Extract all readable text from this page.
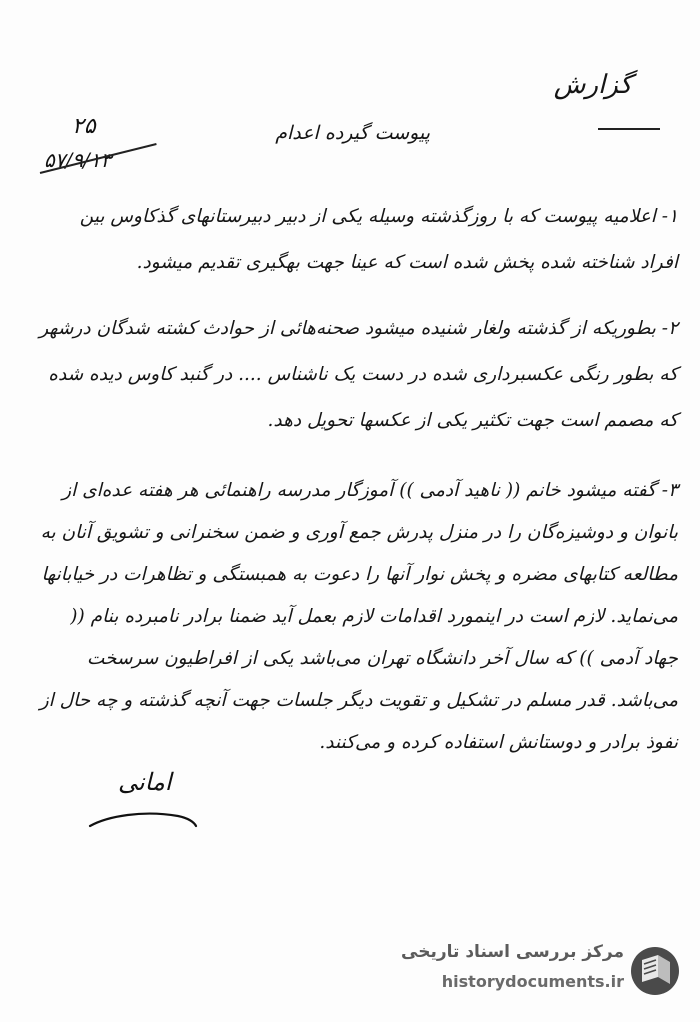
گزارش
پیوست گیرده اعدام
۲۵
۵۷/۹/۱۳
۱- اعلامیه پیوست که با روزگذشته وسیله یکی از دبیر دبیرستانهای گذکاوس بین افراد شناخته شده پخش شده است که عینا جهت بهگیری تقدیم میشود.
۲- بطوریکه از گذشته ولغار شنیده میشود صحنه‌هائی از حوادث کشته شدگان درشهر که بطور رنگی عکسبرداری شده در دست یک ناشناس .... در گنبد کاوس دیده شده که مصمم است جهت تکثیر یکی از عکسها تحویل دهد.
۳- گفته میشود خانم (( ناهید آدمی )) آموزگار مدرسه راهنمائی هر هفته عده‌ای از بانوان و دوشیزه‌گان را در منزل پدرش جمع آوری و ضمن سخنرانی و تشویق آنان به مطالعه کتابهای مضره و پخش نوار آنها را دعوت به همبستگی و تظاهرات در خیابانها می‌نماید. لازم است در اینمورد اقدامات لازم بعمل آید ضمنا برادر نامبرده بنام (( جهاد آدمی )) که سال آخر دانشگاه تهران می‌باشد یکی از افراطیون سرسخت می‌باشد. قدر مسلم در تشکیل و تقویت دیگر جلسات جهت آنچه گذشته و چه حال از نفوذ برادر و دوستانش استفاده کرده و می‌کنند.
امانی
مرکز بررسی اسناد تاریخی
historydocuments.ir
